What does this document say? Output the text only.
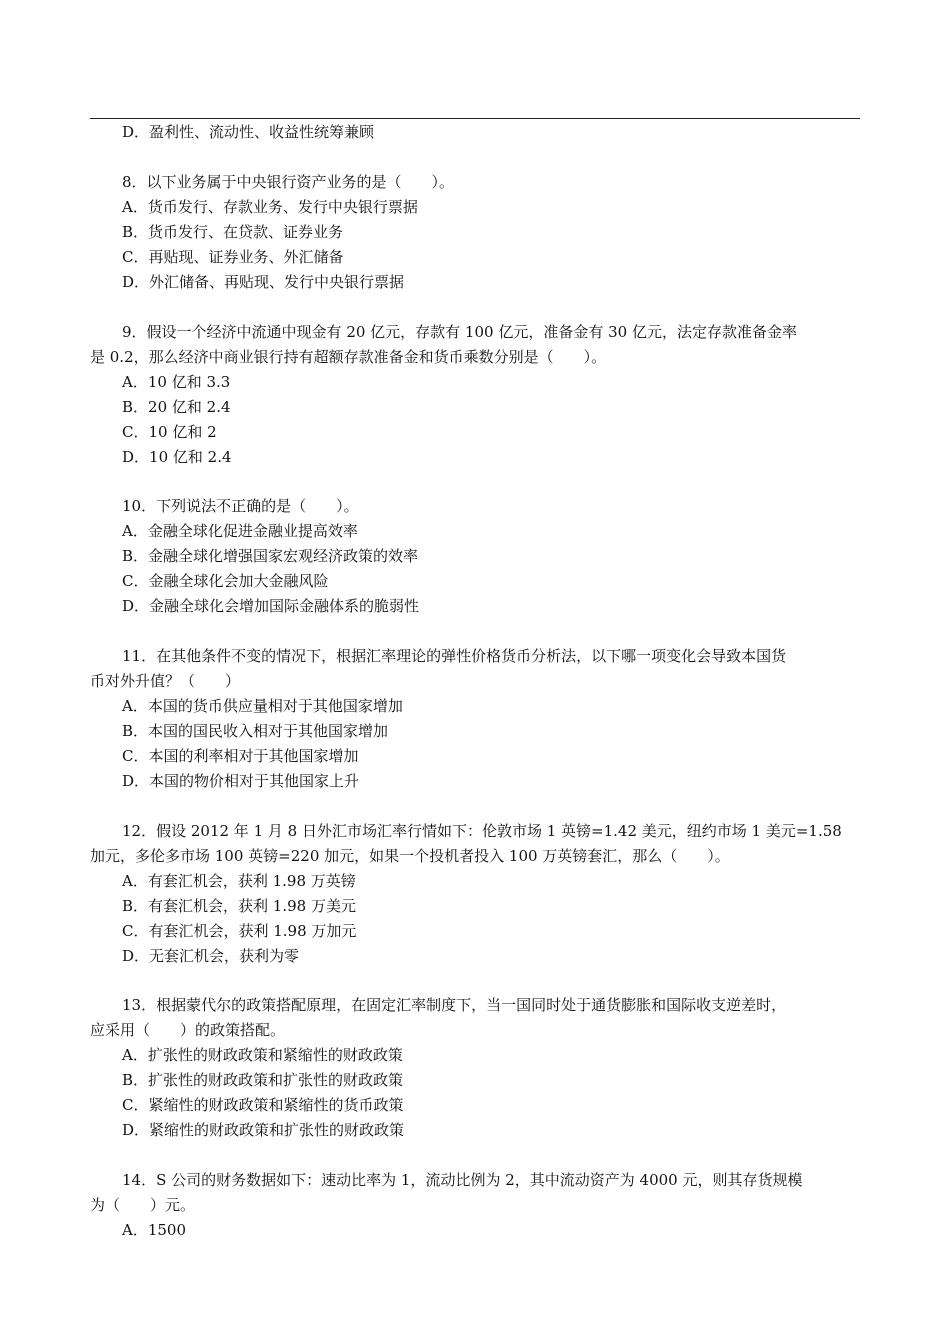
D．盈利性、流动性、收益性统筹兼顾
8．以下业务属于中央银行资产业务的是（　　）。
A．货币发行、存款业务、发行中央银行票据
B．货币发行、在贷款、证券业务
C．再贴现、证券业务、外汇储备
D．外汇储备、再贴现、发行中央银行票据
9．假设一个经济中流通中现金有 20 亿元，存款有 100 亿元，准备金有 30 亿元，法定存款准备金率
是 0.2，那么经济中商业银行持有超额存款准备金和货币乘数分别是（　　）。
A．10 亿和 3.3
B．20 亿和 2.4
C．10 亿和 2
D．10 亿和 2.4
10．下列说法不正确的是（　　）。
A．金融全球化促进金融业提高效率
B．金融全球化增强国家宏观经济政策的效率
C．金融全球化会加大金融风险
D．金融全球化会增加国际金融体系的脆弱性
11．在其他条件不变的情况下，根据汇率理论的弹性价格货币分析法，以下哪一项变化会导致本国货
币对外升值？（　　）
A．本国的货币供应量相对于其他国家增加
B．本国的国民收入相对于其他国家增加
C．本国的利率相对于其他国家增加
D．本国的物价相对于其他国家上升
12．假设 2012 年 1 月 8 日外汇市场汇率行情如下：伦敦市场 1 英镑=1.42 美元，纽约市场 1 美元=1.58
加元，多伦多市场 100 英镑=220 加元，如果一个投机者投入 100 万英镑套汇，那么（　　）。
A．有套汇机会，获利 1.98 万英镑
B．有套汇机会，获利 1.98 万美元
C．有套汇机会，获利 1.98 万加元
D．无套汇机会，获利为零
13．根据蒙代尔的政策搭配原理，在固定汇率制度下，当一国同时处于通货膨胀和国际收支逆差时，
应采用（　　）的政策搭配。
A．扩张性的财政政策和紧缩性的财政政策
B．扩张性的财政政策和扩张性的财政政策
C．紧缩性的财政政策和紧缩性的货币政策
D．紧缩性的财政政策和扩张性的财政政策
14．S 公司的财务数据如下：速动比率为 1，流动比例为 2，其中流动资产为 4000 元，则其存货规模
为（　　）元。
A．1500
